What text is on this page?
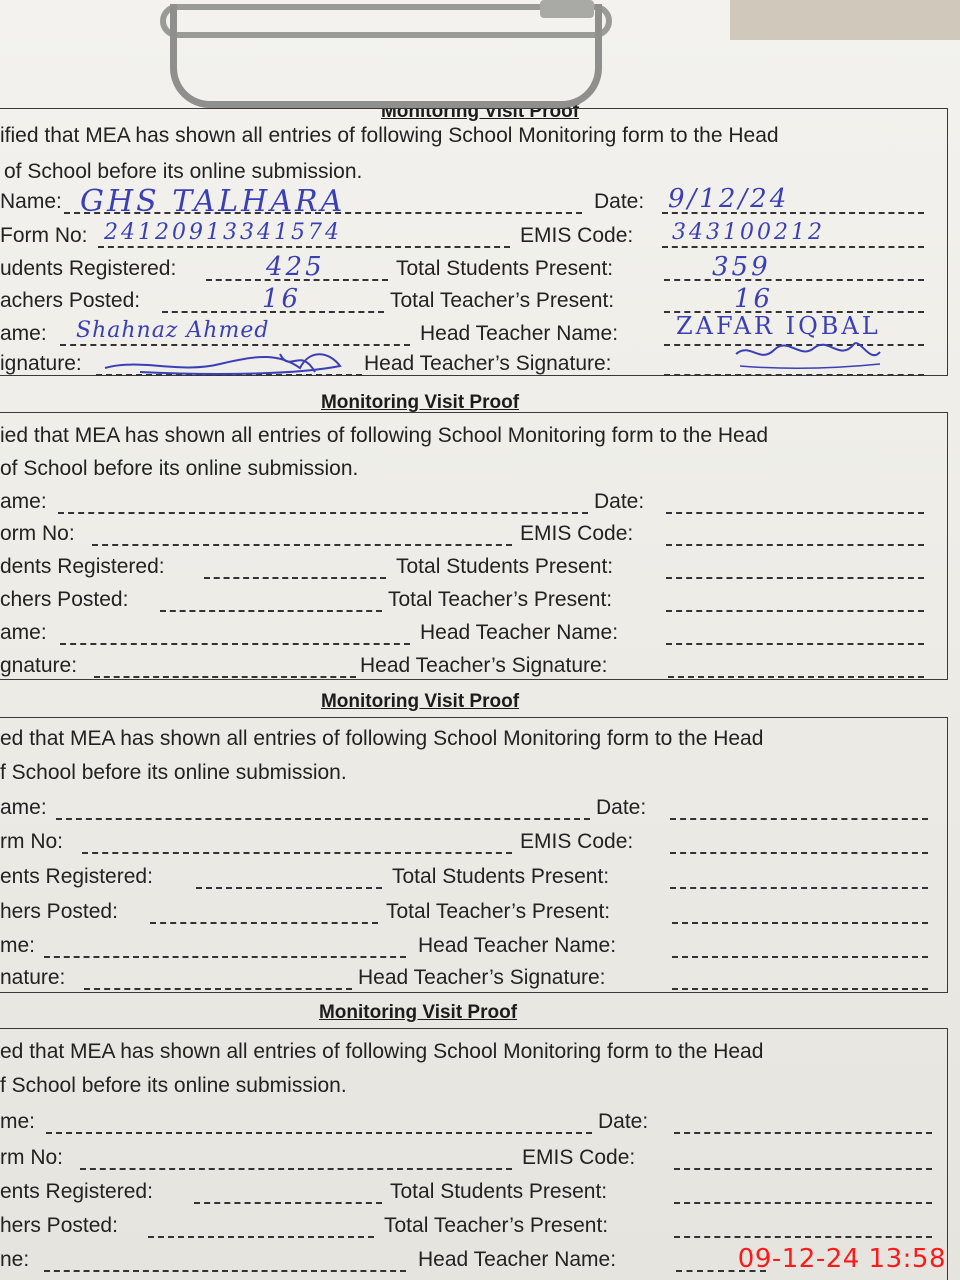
Monitoring Visit Proof
ified that MEA has shown all entries of following School Monitoring form to the Head
of School before its online submission.
Name:	Date:
GHS TALHARA	9/12/24
Form No:	EMIS Code:
24120913341574	343100212
udents Registered:	Total Students Present:
425	359
achers Posted:	Total Teacher’s Present:
16	16
ame:	Head Teacher Name:
Shahnaz Ahmed	ZAFAR IQBAL
ignature:	Head Teacher’s Signature:
Monitoring Visit Proof
ied that MEA has shown all entries of following School Monitoring form to the Head
of School before its online submission.
ame:	Date:
orm No:	EMIS Code:
dents Registered:	Total Students Present:
chers Posted:	Total Teacher’s Present:
ame:	Head Teacher Name:
gnature:	Head Teacher’s Signature:
Monitoring Visit Proof
ed that MEA has shown all entries of following School Monitoring form to the Head
f School before its online submission.
ame:	Date:
rm No:	EMIS Code:
ents Registered:	Total Students Present:
hers Posted:	Total Teacher’s Present:
me:	Head Teacher Name:
nature:	Head Teacher’s Signature:
Monitoring Visit Proof
ed that MEA has shown all entries of following School Monitoring form to the Head
f School before its online submission.
me:	Date:
rm No:	EMIS Code:
ents Registered:	Total Students Present:
hers Posted:	Total Teacher’s Present:
ne:	Head Teacher Name:	09-12-24 13:58
